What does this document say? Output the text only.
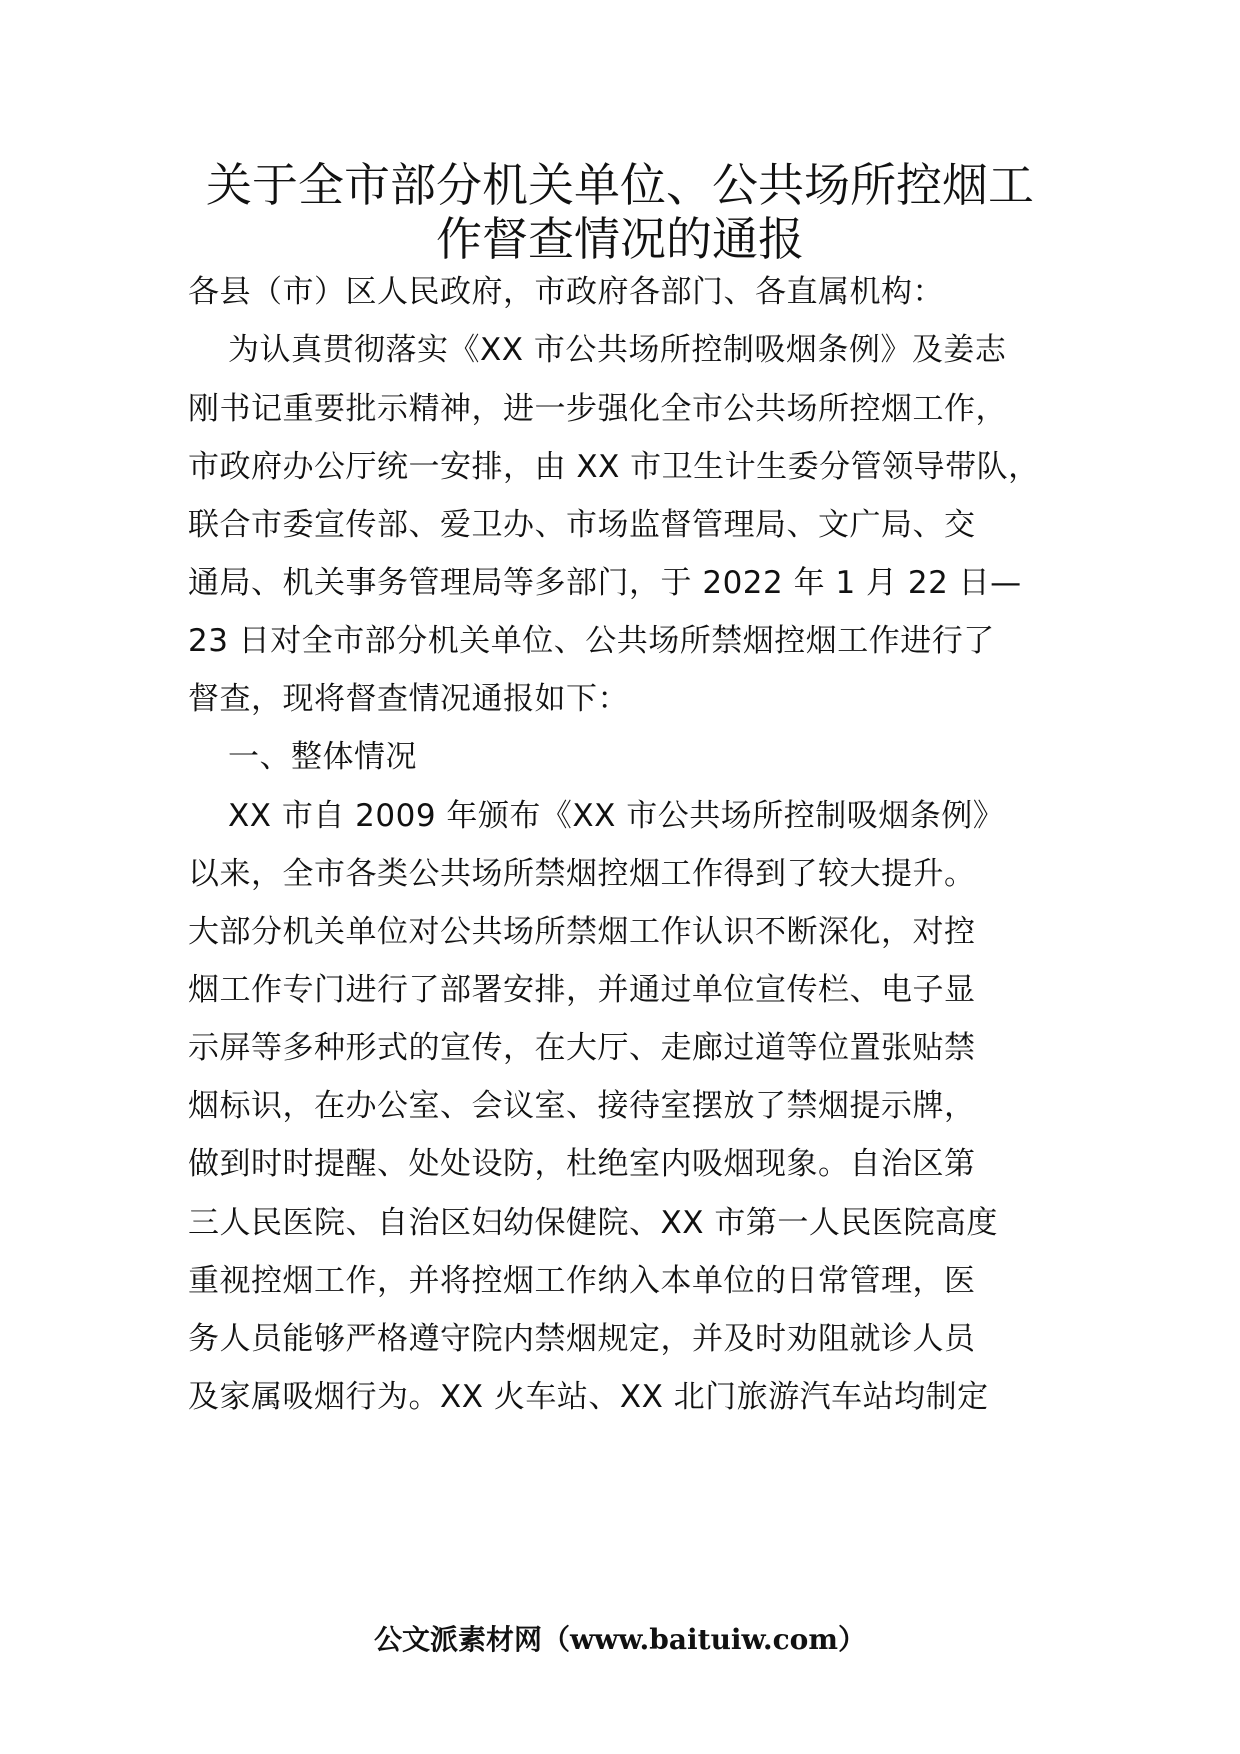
关于全市部分机关单位、公共场所控烟工
作督查情况的通报
各县（市）区人民政府，市政府各部门、各直属机构：
为认真贯彻落实《XX 市公共场所控制吸烟条例》及姜志
刚书记重要批示精神，进一步强化全市公共场所控烟工作，
市政府办公厅统一安排，由 XX 市卫生计生委分管领导带队，
联合市委宣传部、爱卫办、市场监督管理局、文广局、交
通局、机关事务管理局等多部门，于 2022 年 1 月 22 日—
23 日对全市部分机关单位、公共场所禁烟控烟工作进行了
督查，现将督查情况通报如下：
一、整体情况
XX 市自 2009 年颁布《XX 市公共场所控制吸烟条例》
以来，全市各类公共场所禁烟控烟工作得到了较大提升。
大部分机关单位对公共场所禁烟工作认识不断深化，对控
烟工作专门进行了部署安排，并通过单位宣传栏、电子显
示屏等多种形式的宣传，在大厅、走廊过道等位置张贴禁
烟标识，在办公室、会议室、接待室摆放了禁烟提示牌，
做到时时提醒、处处设防，杜绝室内吸烟现象。自治区第
三人民医院、自治区妇幼保健院、XX 市第一人民医院高度
重视控烟工作，并将控烟工作纳入本单位的日常管理，医
务人员能够严格遵守院内禁烟规定，并及时劝阻就诊人员
及家属吸烟行为。XX 火车站、XX 北门旅游汽车站均制定
公文派素材网（www.baituiw.com）
